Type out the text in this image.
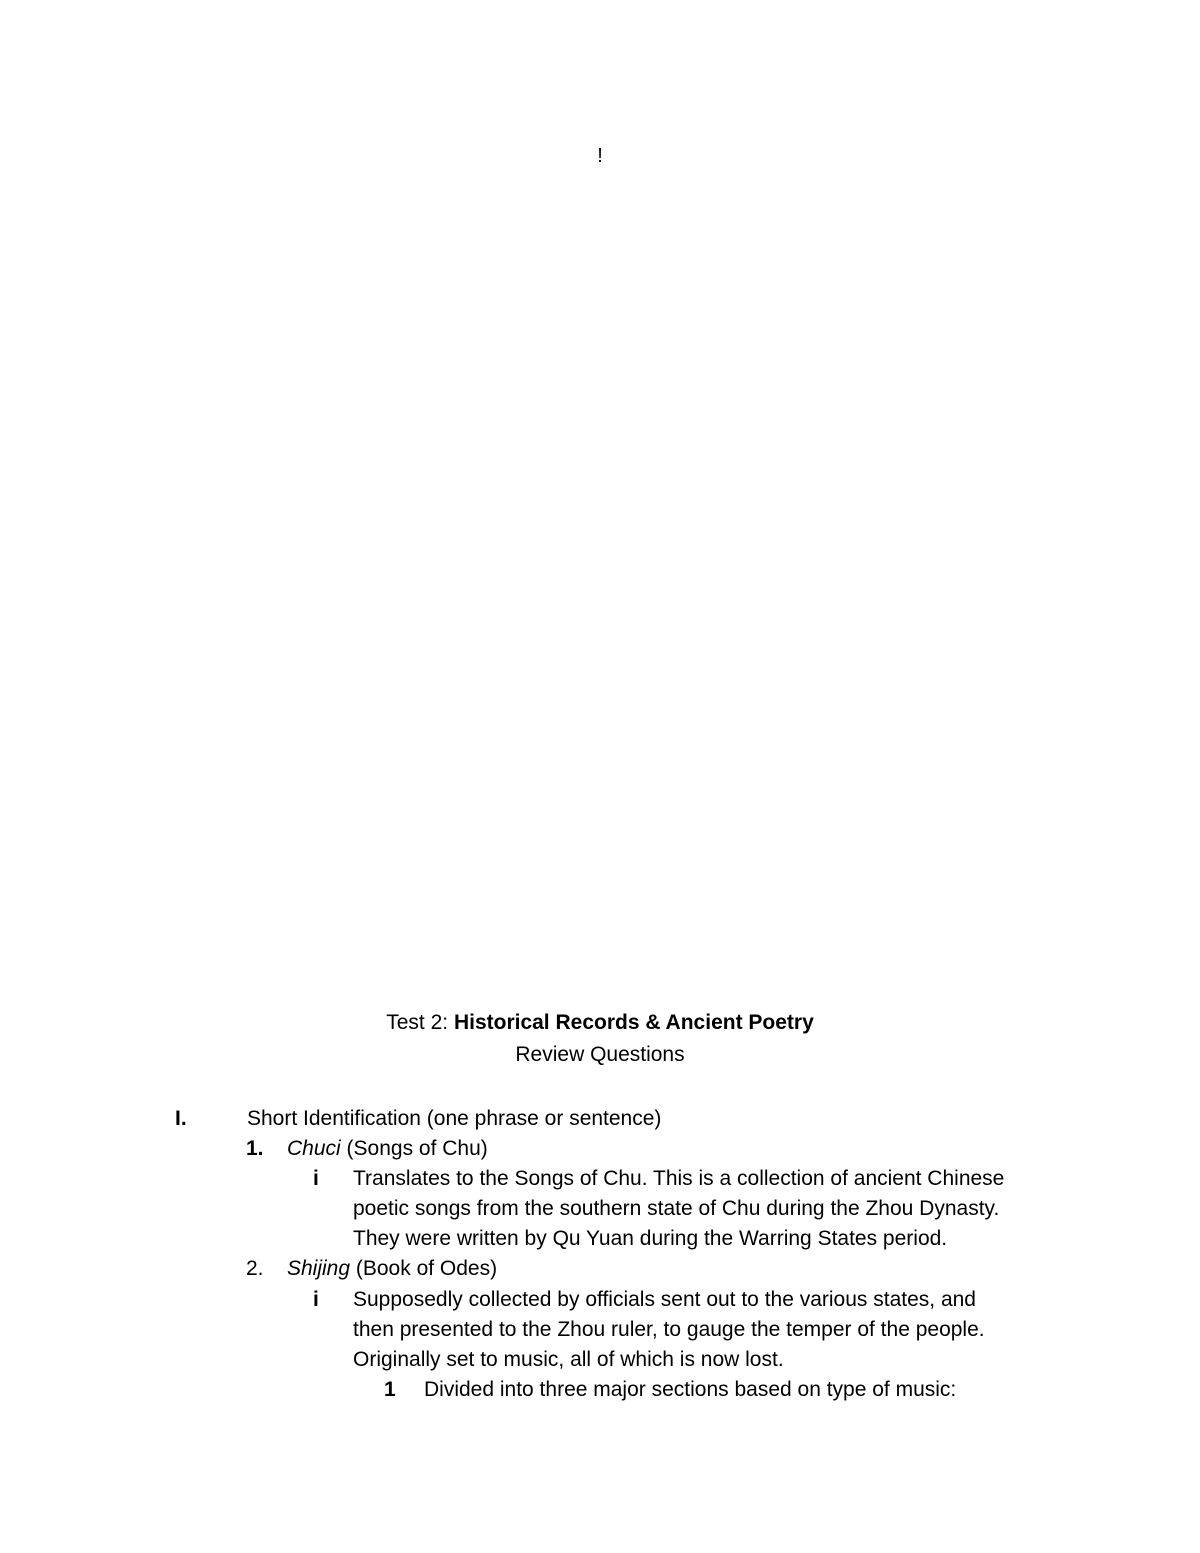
!
Test 2: Historical Records & Ancient Poetry
Review Questions
I.	Short Identification (one phrase or sentence)
1. Chuci (Songs of Chu)
i Translates to the Songs of Chu. This is a collection of ancient Chinese
poetic songs from the southern state of Chu during the Zhou Dynasty.
They were written by Qu Yuan during the Warring States period.
2. Shijing (Book of Odes)
i Supposedly collected by officials sent out to the various states, and
then presented to the Zhou ruler, to gauge the temper of the people.
Originally set to music, all of which is now lost.
1 Divided into three major sections based on type of music:
